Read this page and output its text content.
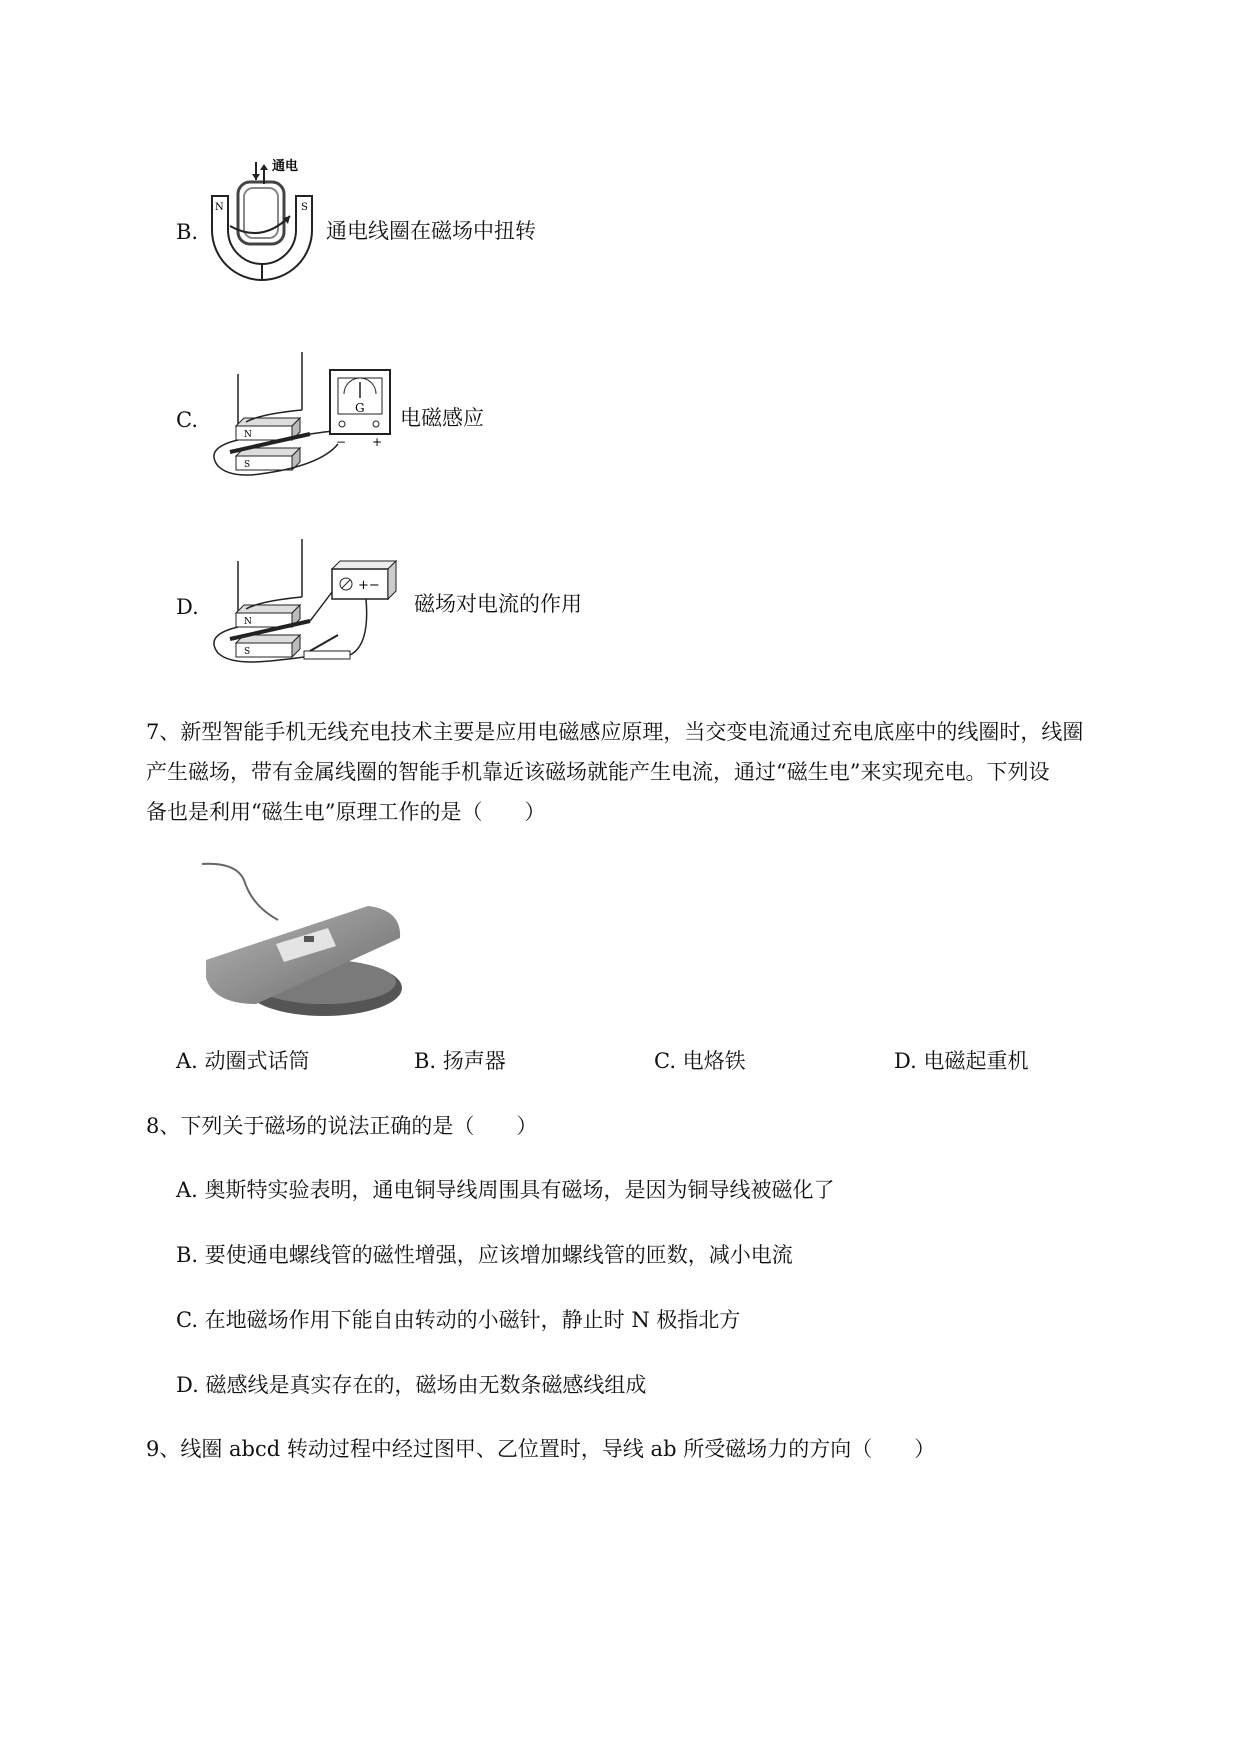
B.
通电
N	S
通电线圈在磁场中扭转
C.
N
S
G
− +
电磁感应
D.
N
S
+−
磁场对电流的作用
7、新型智能手机无线充电技术主要是应用电磁感应原理，当交变电流通过充电底座中的线圈时，线圈
产生磁场，带有金属线圈的智能手机靠近该磁场就能产生电流，通过“磁生电”来实现充电。下列设
备也是利用“磁生电”原理工作的是（　　）
A. 动圈式话筒	B. 扬声器	C. 电烙铁	D. 电磁起重机
8、下列关于磁场的说法正确的是（　　）
A. 奥斯特实验表明，通电铜导线周围具有磁场，是因为铜导线被磁化了
B. 要使通电螺线管的磁性增强，应该增加螺线管的匝数，减小电流
C. 在地磁场作用下能自由转动的小磁针，静止时 N 极指北方
D. 磁感线是真实存在的，磁场由无数条磁感线组成
9、线圈 abcd 转动过程中经过图甲、乙位置时，导线 ab 所受磁场力的方向（　　）
